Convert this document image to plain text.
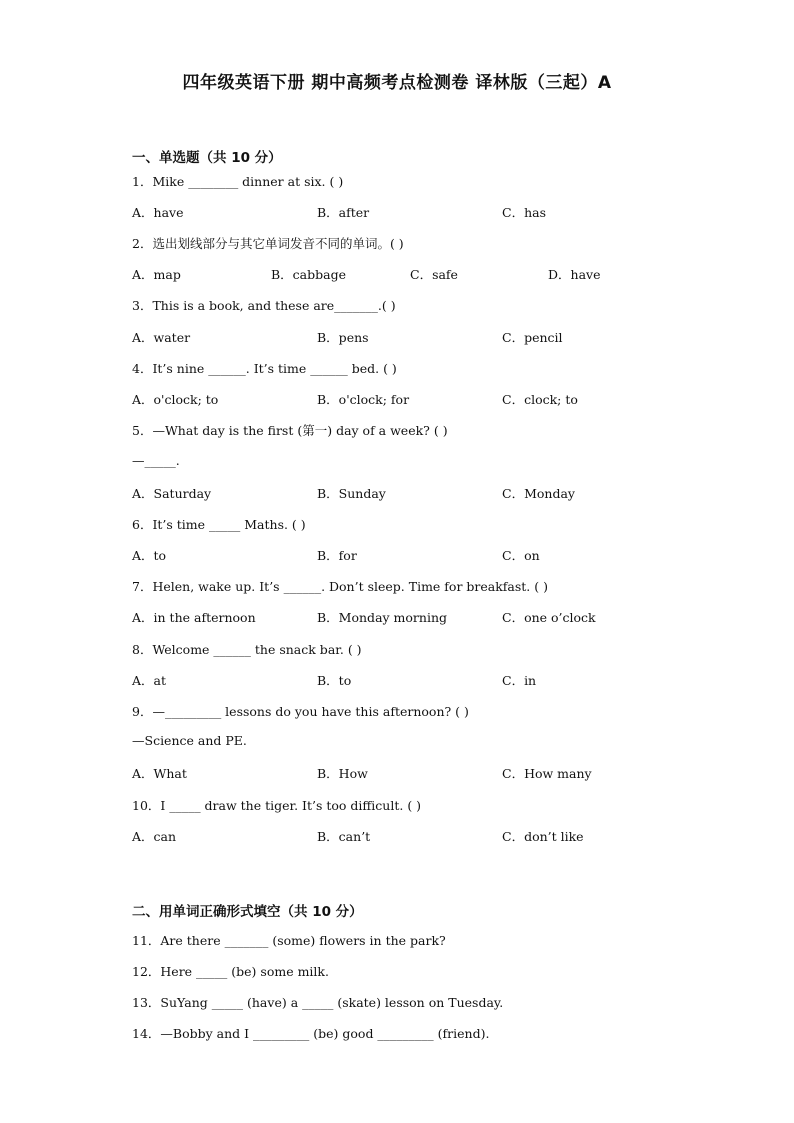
四年级英语下册 期中高频考点检测卷 译林版（三起）A
一、单选题（共 10 分）
1．Mike ________ dinner at six. ( )
A．have	B．after	C．has
2．选出划线部分与其它单词发音不同的单词。( )
A．map	B．cabbage	C．safe	D．have
3．This is a book, and these are_______.( )
A．water	B．pens	C．pencil
4．It’s nine ______. It’s time ______ bed. ( )
A．o'clock; to	B．o'clock; for	C．clock; to
5．—What day is the first (第一) day of a week? ( )
—_____.
A．Saturday	B．Sunday	C．Monday
6．It’s time _____ Maths. ( )
A．to	B．for	C．on
7．Helen, wake up. It’s ______. Don’t sleep. Time for breakfast. ( )
A．in the afternoon	B．Monday morning	C．one o’clock
8．Welcome ______ the snack bar. ( )
A．at	B．to	C．in
9．—_________ lessons do you have this afternoon? ( )
—Science and PE.
A．What	B．How	C．How many
10．I _____ draw the tiger. It’s too difficult. ( )
A．can	B．can’t	C．don’t like
二、用单词正确形式填空（共 10 分）
11．Are there _______ (some) flowers in the park?
12．Here _____ (be) some milk.
13．SuYang _____ (have) a _____ (skate) lesson on Tuesday.
14．—Bobby and I _________ (be) good _________ (friend).
